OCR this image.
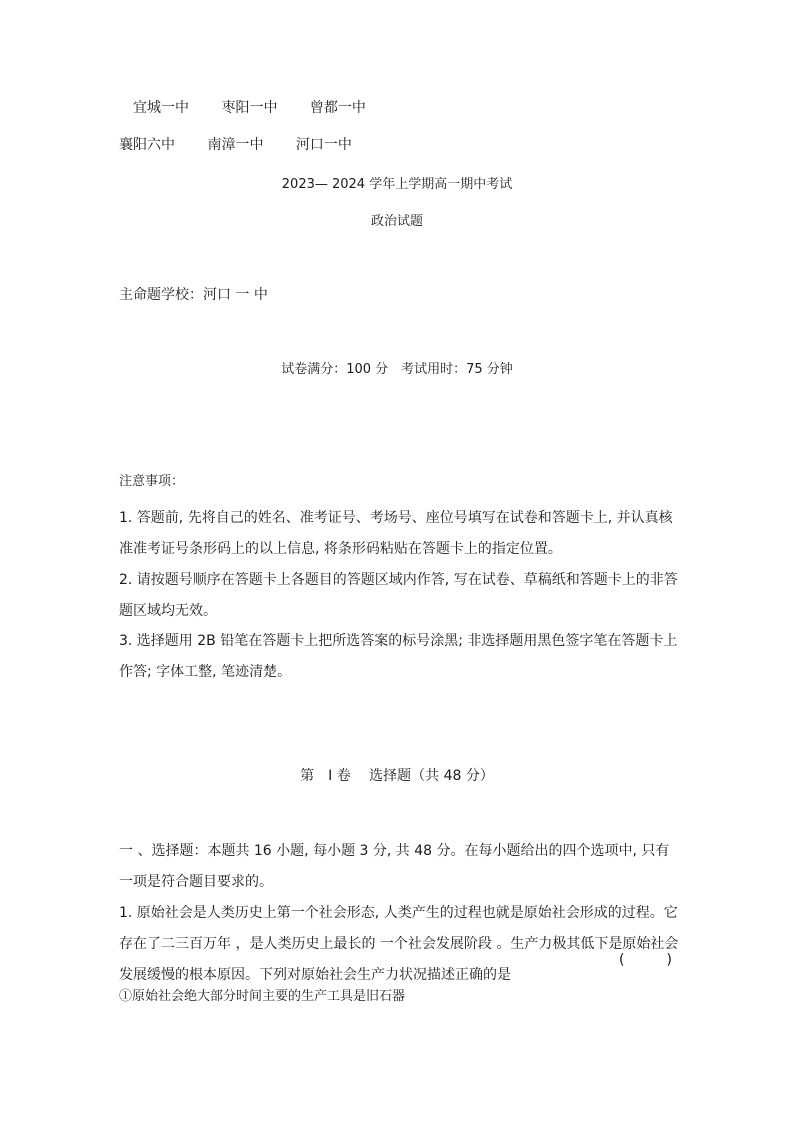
宜城一中 枣阳一中 曾都一中
襄阳六中 南漳一中 河口一中
2023— 2024 学年上学期高一期中考试
政治试题
主命题学校：河口 一 中
试卷满分：100 分　考试用时：75 分钟
注意事项：

1. 答题前, 先将自己的姓名、准考证号、考场号、座位号填写在试卷和答题卡上, 并认真核准准考证号条形码上的以上信息, 将条形码粘贴在答题卡上的指定位置。

2. 请按题号顺序在答题卡上各题目的答题区域内作答, 写在试卷、草稿纸和答题卡上的非答题区域均无效。

3. 选择题用 2B 铅笔在答题卡上把所选答案的标号涂黑; 非选择题用黑色签字笔在答题卡上作答; 字体工整, 笔迹清楚。

第　I 卷　 选择题（共 48 分）

一 、选择题：本题共 16 小题, 每小题 3 分, 共 48 分。在每小题给出的四个选项中, 只有一项是符合题目要求的。

1. 原始社会是人类历史上第一个社会形态, 人类产生的过程也就是原始社会形成的过程。它存在了二三百万年 ，是人类历史上最长的 一个社会发展阶段 。生产力极其低下是原始社会发展缓慢的根本原因。下列对原始社会生产力状况描述正确的是

(　　　)
①原始社会绝大部分时间主要的生产工具是旧石器
